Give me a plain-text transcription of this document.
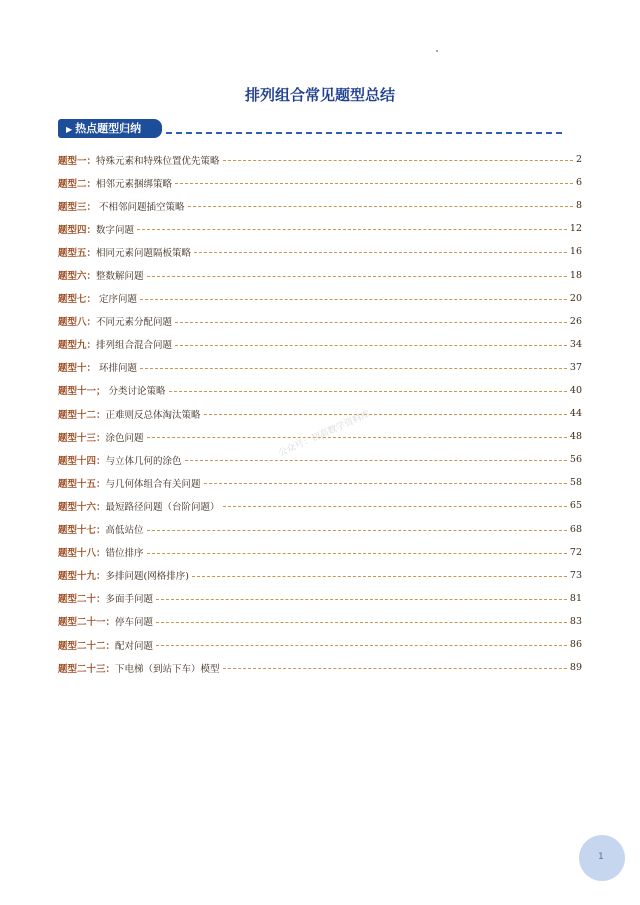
排列组合常见题型总结
▶ 热点题型归纳
题型一：特殊元素和特殊位置优先策略	2
题型二：相邻元素捆绑策略	6
题型三： 不相邻问题插空策略	8
题型四：数字问题	12
题型五：相同元素问题隔板策略	16
题型六：整数解问题	18
题型七： 定序问题	20
题型八：不同元素分配问题	26
题型九：排列组合混合问题	34
题型十： 环排问题	37
题型十一； 分类讨论策略	40
题型十二：正难则反总体淘汰策略	44
题型十三：涂色问题	48
题型十四：与立体几何的涂色	56
题型十五：与几何体组合有关问题	58
题型十六：最短路径问题（台阶问题）	65
题型十七：高低站位	68
题型十八：错位排序	72
题型十九：多排问题(网格排序)	73
题型二十：多面手问题	81
题型二十一：停车问题	83
题型二十二：配对问题	86
题型二十三：下电梯（到站下车）模型	89
公众号：初高数学资料库
1
